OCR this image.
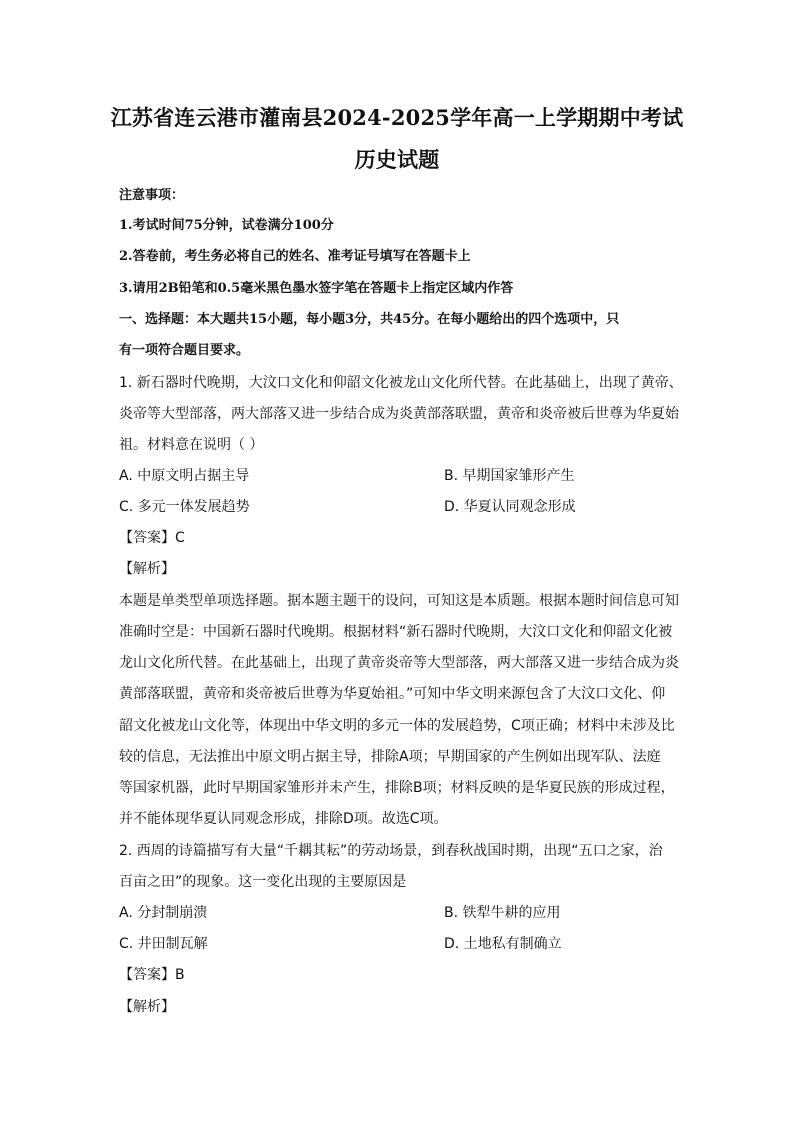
江苏省连云港市灌南县2024-2025学年高一上学期期中考试
历史试题
注意事项：
1.考试时间75分钟，试卷满分100分
2.答卷前，考生务必将自己的姓名、准考证号填写在答题卡上
3.请用2B铅笔和0.5毫米黑色墨水签字笔在答题卡上指定区域内作答
一、选择题：本大题共15小题，每小题3分，共45分。在每小题给出的四个选项中，只
有一项符合题目要求。
1. 新石器时代晚期，大汶口文化和仰韶文化被龙山文化所代替。在此基础上，出现了黄帝、
炎帝等大型部落，两大部落又进一步结合成为炎黄部落联盟，黄帝和炎帝被后世尊为华夏始
祖。材料意在说明（ ）
A. 中原文明占据主导	B. 早期国家雏形产生
C. 多元一体发展趋势	D. 华夏认同观念形成
【答案】C
【解析】
本题是单类型单项选择题。据本题主题干的设问，可知这是本质题。根据本题时间信息可知
准确时空是：中国新石器时代晚期。根据材料“新石器时代晚期，大汶口文化和仰韶文化被
龙山文化所代替。在此基础上，出现了黄帝炎帝等大型部落，两大部落又进一步结合成为炎
黄部落联盟，黄帝和炎帝被后世尊为华夏始祖。”可知中华文明来源包含了大汶口文化、仰
韶文化被龙山文化等，体现出中华文明的多元一体的发展趋势，C项正确；材料中未涉及比
较的信息，无法推出中原文明占据主导，排除A项；早期国家的产生例如出现军队、法庭
等国家机器，此时早期国家雏形并未产生，排除B项；材料反映的是华夏民族的形成过程，
并不能体现华夏认同观念形成，排除D项。故选C项。
2. 西周的诗篇描写有大量“千耦其耘”的劳动场景，到春秋战国时期，出现“五口之家，治
百亩之田”的现象。这一变化出现的主要原因是
A. 分封制崩溃	B. 铁犁牛耕的应用
C. 井田制瓦解	D. 土地私有制确立
【答案】B
【解析】
